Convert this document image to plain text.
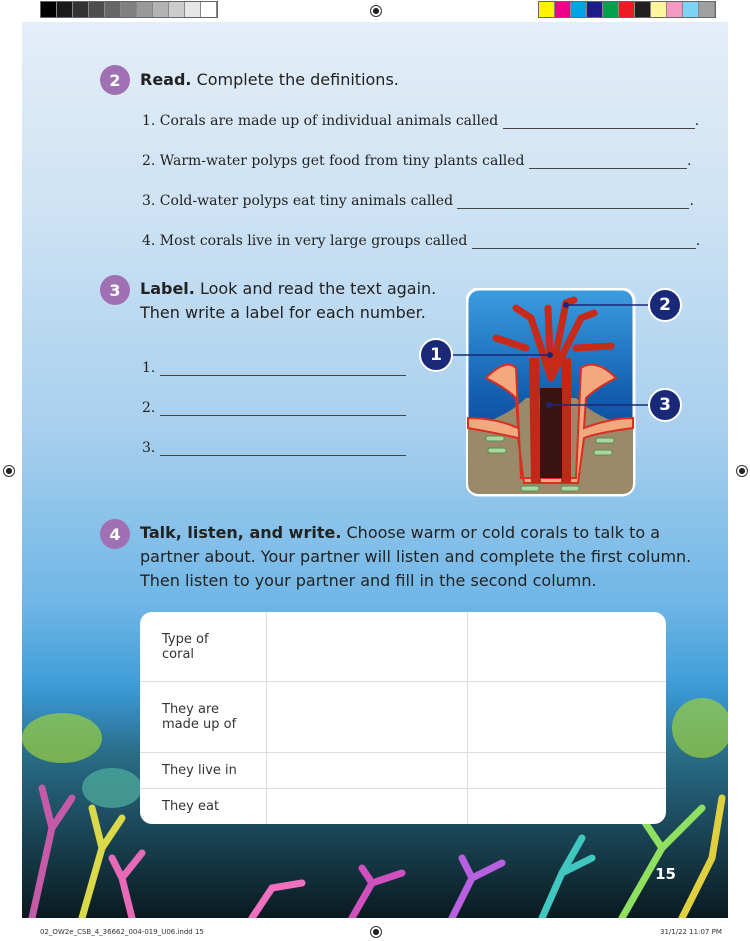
2	Read. Complete the definitions.
1. Corals are made up of individual animals called	.
2. Warm-water polyps get food from tiny plants called	.
3. Cold-water polyps eat tiny animals called	.
4. Most corals live in very large groups called	.
3	Label. Look and read the text again.
Then write a label for each number.
1.
2.
3.
1
2
3
4	Talk, listen, and write. Choose warm or cold corals to talk to a
partner about. Your partner will listen and complete the first column.
Then listen to your partner and fill in the second column.
15
Type of coral		
They are made up of		
They live in		
They eat		
02_OW2e_CSB_4_36662_004-019_U06.indd 15	31/1/22 11:07 PM
